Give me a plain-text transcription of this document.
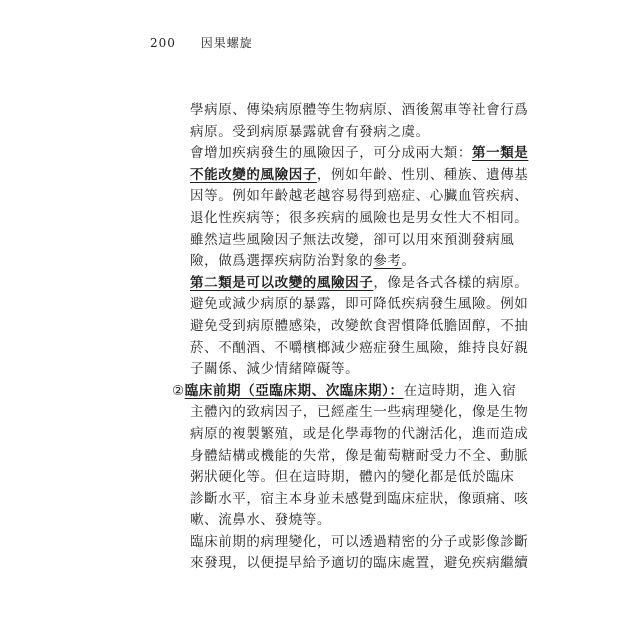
200 因果螺旋
學病原、傳染病原體等生物病原、酒後駕車等社會行爲
病原。受到病原暴露就會有發病之虞。
會增加疾病發生的風險因子，可分成兩大類：第一類是
不能改變的風險因子，例如年齡、性別、種族、遺傳基
因等。例如年齡越老越容易得到癌症、心臟血管疾病、
退化性疾病等；很多疾病的風險也是男女性大不相同。
雖然這些風險因子無法改變，卻可以用來預測發病風
險，做爲選擇疾病防治對象的參考。
第二類是可以改變的風險因子，像是各式各樣的病原。
避免或減少病原的暴露，即可降低疾病發生風險。例如
避免受到病原體感染，改變飲食習慣降低膽固醇，不抽
菸、不酗酒、不嚼檳榔減少癌症發生風險，維持良好親
子關係、減少情緒障礙等。
②臨床前期（亞臨床期、次臨床期）：在這時期，進入宿
主體內的致病因子，已經產生一些病理變化，像是生物
病原的複製繁殖，或是化學毒物的代謝活化，進而造成
身體結構或機能的失常，像是葡萄糖耐受力不全、動脈
粥狀硬化等。但在這時期，體內的變化都是低於臨床
診斷水平，宿主本身並未感覺到臨床症狀，像頭痛、咳
嗽、流鼻水、發燒等。
臨床前期的病理變化，可以透過精密的分子或影像診斷
來發現，以便提早給予適切的臨床處置，避免疾病繼續
